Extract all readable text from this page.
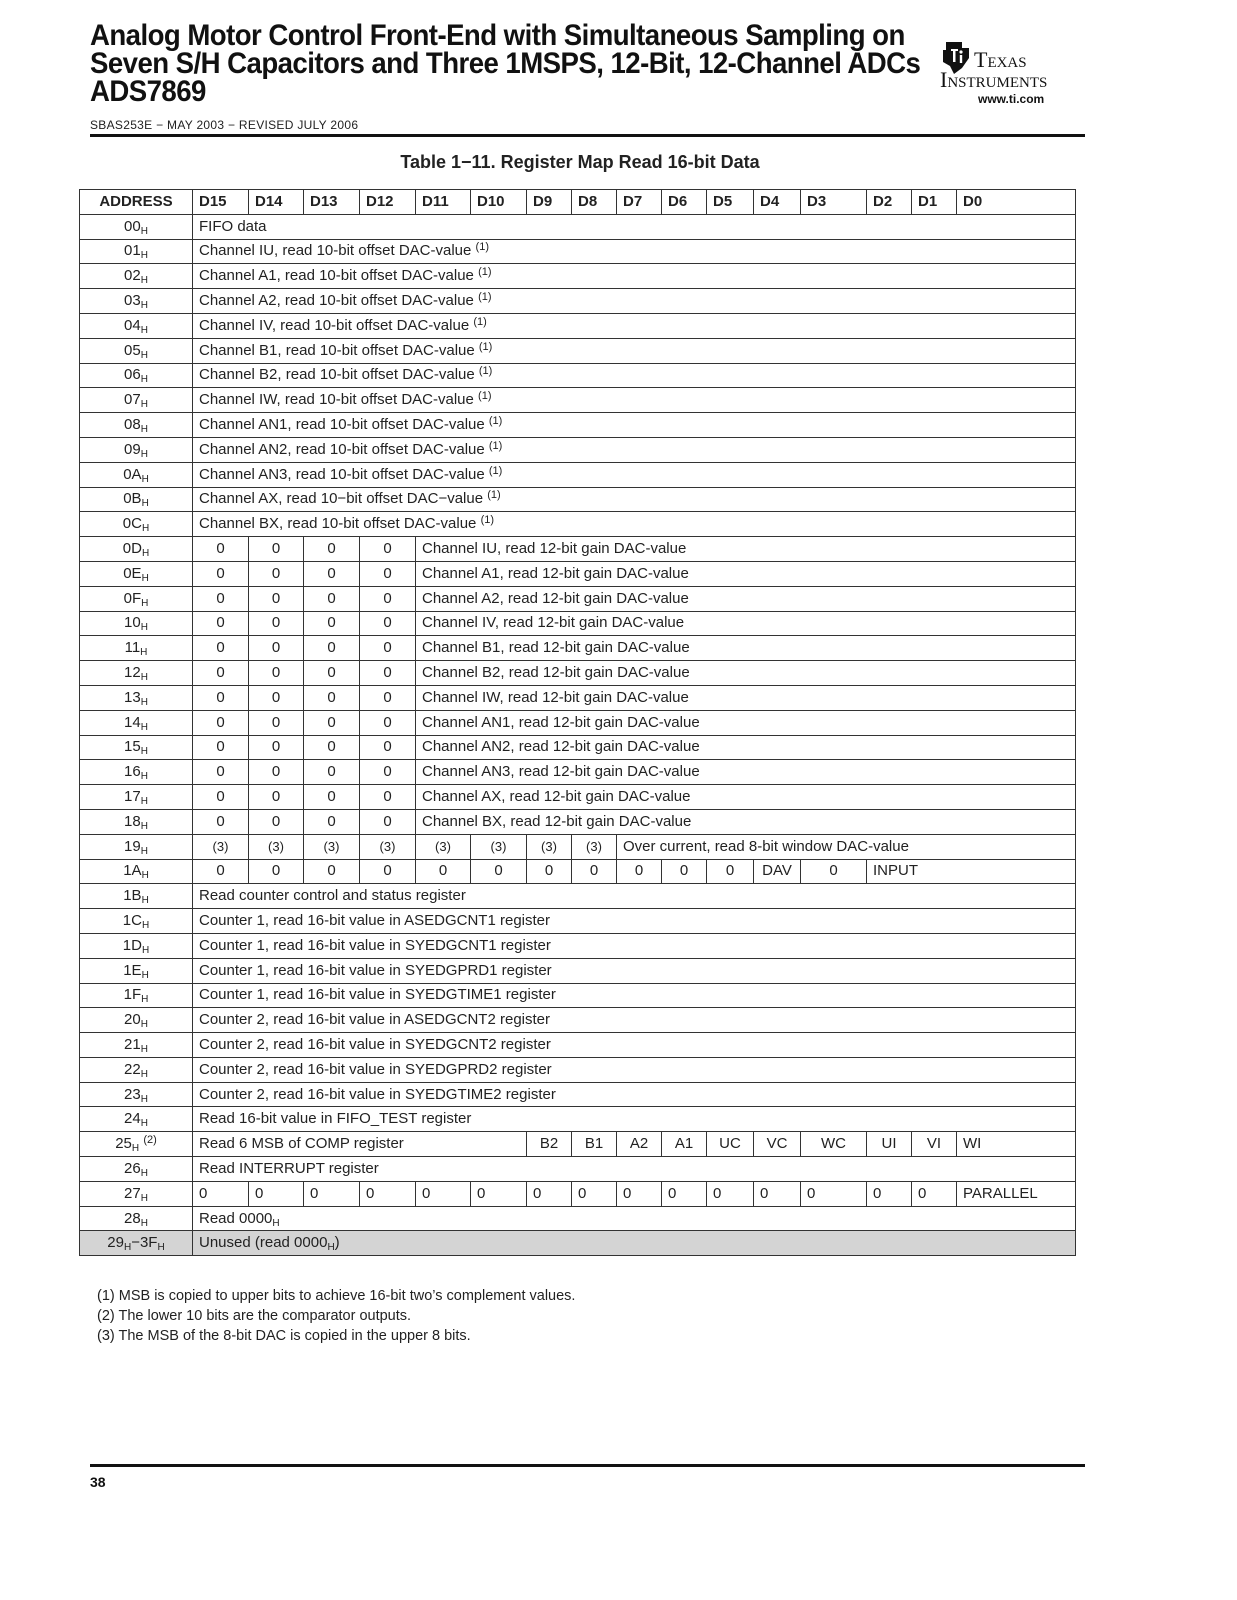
Analog Motor Control Front-End with Simultaneous Sampling on
Seven S/H Capacitors and Three 1MSPS, 12-Bit, 12-Channel ADCs
ADS7869
Texas
Instruments
www.ti.com
SBAS253E − MAY 2003 − REVISED JULY 2006
Table 1−11. Register Map Read 16-bit Data
ADDRESS	D15	D14	D13	D12	D11	D10	D9	D8	D7	D6	D5	D4	D3	D2	D1	D0
$00_H$	FIFO data															
$01_H$	Channel IU, read 10-bit offset DAC-value $^{(1)}$
$02_H$	Channel A1, read 10-bit offset DAC-value $^{(1)}$
$03_H$	Channel A2, read 10-bit offset DAC-value $^{(1)}$
$04_H$	Channel IV, read 10-bit offset DAC-value $^{(1)}$
$05_H$	Channel B1, read 10-bit offset DAC-value $^{(1)}$
$06_H$	Channel B2, read 10-bit offset DAC-value $^{(1)}$
$07_H$	Channel IW, read 10-bit offset DAC-value $^{(1)}$
$08_H$	Channel AN1, read 10-bit offset DAC-value $^{(1)}$
$09_H$	Channel AN2, read 10-bit offset DAC-value $^{(1)}$
$0A_H$	Channel AN3, read 10-bit offset DAC-value $^{(1)}$
$0B_H$	Channel AX, read 10−bit offset DAC−value $^{(1)}$
$0C_H$	Channel BX, read 10-bit offset DAC-value $^{(1)}$
$0D_H$	0	0	0	0	Channel IU, read 12-bit gain DAC-value											
$0E_H$	0	0	0	0	Channel A1, read 12-bit gain DAC-value											
$0F_H$	0	0	0	0	Channel A2, read 12-bit gain DAC-value											
$10_H$	0	0	0	0	Channel IV, read 12-bit gain DAC-value											
$11_H$	0	0	0	0	Channel B1, read 12-bit gain DAC-value											
$12_H$	0	0	0	0	Channel B2, read 12-bit gain DAC-value											
$13_H$	0	0	0	0	Channel IW, read 12-bit gain DAC-value											
$14_H$	0	0	0	0	Channel AN1, read 12-bit gain DAC-value											
$15_H$	0	0	0	0	Channel AN2, read 12-bit gain DAC-value											
$16_H$	0	0	0	0	Channel AN3, read 12-bit gain DAC-value											
$17_H$	0	0	0	0	Channel AX, read 12-bit gain DAC-value											
$18_H$	0	0	0	0	Channel BX, read 12-bit gain DAC-value											
$19_H$	(3)	(3)	(3)	(3)	(3)	(3)	(3)	(3)	Over current, read 8-bit window DAC-value							
$1A_H$	0	0	0	0	0	0	0	0	0	0	0	DAV	0	INPUT		
$1B_H$	Read counter control and status register															
$1C_H$	Counter 1, read 16-bit value in ASEDGCNT1 register															
$1D_H$	Counter 1, read 16-bit value in SYEDGCNT1 register															
$1E_H$	Counter 1, read 16-bit value in SYEDGPRD1 register															
$1F_H$	Counter 1, read 16-bit value in SYEDGTIME1 register															
$20_H$	Counter 2, read 16-bit value in ASEDGCNT2 register															
$21_H$	Counter 2, read 16-bit value in SYEDGCNT2 register															
$22_H$	Counter 2, read 16-bit value in SYEDGPRD2 register															
$23_H$	Counter 2, read 16-bit value in SYEDGTIME2 register															
$24_H$	Read 16-bit value in FIFO_TEST register															
$25_H$ $^{(2)}$	Read 6 MSB of COMP register						B2	B1	A2	A1	UC	VC	WC	UI	VI	WI
$26_H$	Read INTERRUPT register															
$27_H$	0	0	0	0	0	0	0	0	0	0	0	0	0	0	0	PARALLEL
$28_H$	Read $0000_H$
$29_H-3F_H$	Unused (read $0000_H$)															
(1) MSB is copied to upper bits to achieve 16-bit two’s complement values.
(2) The lower 10 bits are the comparator outputs.
(3) The MSB of the 8-bit DAC is copied in the upper 8 bits.
38
